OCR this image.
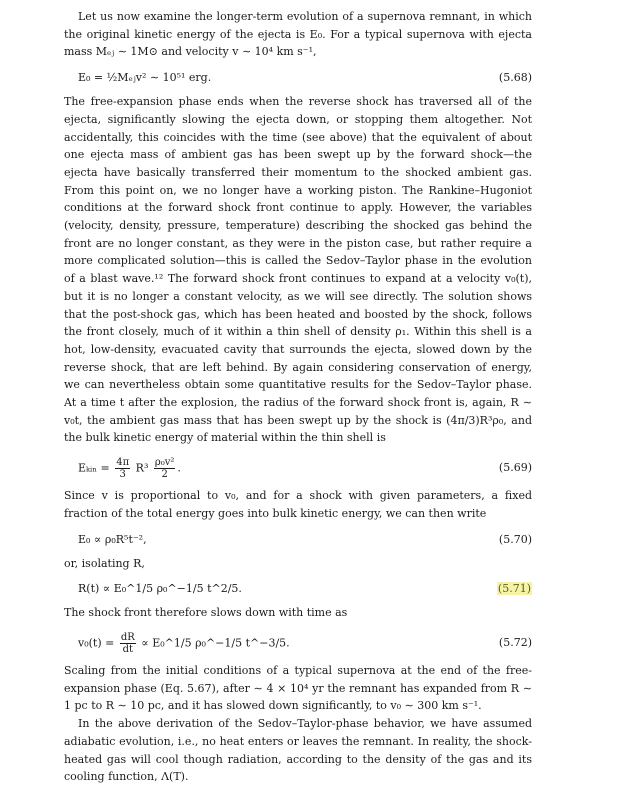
Let us now examine the longer-term evolution of a supernova remnant, in which the original kinetic energy of the ejecta is E₀. For a typical supernova with ejecta mass Mₑⱼ ∼ 1M⊙ and velocity v ∼ 10⁴ km s⁻¹,

E₀ = ½Mₑⱼv² ∼ 10⁵¹ erg.	(5.68)

The free-expansion phase ends when the reverse shock has traversed all of the ejecta, significantly slowing the ejecta down, or stopping them altogether. Not accidentally, this coincides with the time (see above) that the equivalent of about one ejecta mass of ambient gas has been swept up by the forward shock—the ejecta have basically transferred their momentum to the shocked ambient gas. From this point on, we no longer have a working piston. The Rankine–Hugoniot conditions at the forward shock front continue to apply. However, the variables (velocity, density, pressure, temperature) describing the shocked gas behind the front are no longer constant, as they were in the piston case, but rather require a more complicated solution—this is called the Sedov–Taylor phase in the evolution of a blast wave.¹² The forward shock front continues to expand at a velocity v₀(t), but it is no longer a constant velocity, as we will see directly. The solution shows that the post-shock gas, which has been heated and boosted by the shock, follows the front closely, much of it within a thin shell of density ρ₁. Within this shell is a hot, low-density, evacuated cavity that surrounds the ejecta, slowed down by the reverse shock, that are left behind. By again considering conservation of energy, we can nevertheless obtain some quantitative results for the Sedov–Taylor phase. At a time t after the explosion, the radius of the forward shock front is, again, R ∼ v₀t, the ambient gas mass that has been swept up by the shock is (4π/3)R³ρ₀, and the bulk kinetic energy of material within the thin shell is

Eₖᵢₙ = $\frac{4\pi}{3} R^3 \frac{\text{ρ₀v²}}{2}$ .	(5.69)

Since v is proportional to v₀, and for a shock with given parameters, a fixed fraction of the total energy goes into bulk kinetic energy, we can then write

E₀ ∝ ρ₀R⁵t⁻²,	(5.70)

or, isolating R,

R(t) ∝ E₀^1/5 ρ₀^−1/5 t^2/5.	(5.71)

The shock front therefore slows down with time as

$v_0(t) = \frac{dR}{dt}$ ∝ E₀^1/5 ρ₀^−1/5 t^−3/5.	(5.72)

Scaling from the initial conditions of a typical supernova at the end of the free-expansion phase (Eq. 5.67), after ∼ 4 × 10⁴ yr the remnant has expanded from R ∼ 1 pc to R ∼ 10 pc, and it has slowed down significantly, to v₀ ∼ 300 km s⁻¹.

In the above derivation of the Sedov–Taylor-phase behavior, we have assumed adiabatic evolution, i.e., no heat enters or leaves the remnant. In reality, the shock-heated gas will cool though radiation, according to the density of the gas and its cooling function, Λ(T).
